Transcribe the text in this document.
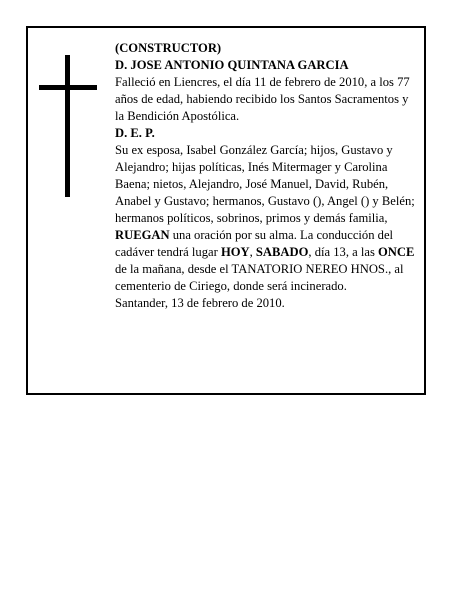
(CONSTRUCTOR)

D. JOSE ANTONIO QUINTANA GARCIA

Falleció en Liencres, el día 11 de febrero de 2010, a los 77 años de edad, habiendo recibido los Santos Sacramentos y la Bendición Apostólica.

D. E. P.

Su ex esposa, Isabel González García; hijos, Gustavo y Alejandro; hijas políticas, Inés Mitermager y Carolina Baena; nietos, Alejandro, José Manuel, David, Rubén, Anabel y Gustavo; hermanos, Gustavo (), Angel () y Belén; hermanos políticos, sobrinos, primos y demás familia,

RUEGAN una oración por su alma. La conducción del cadáver tendrá lugar HOY, SABADO, día 13, a las ONCE de la mañana, desde el TANATORIO NEREO HNOS., al cementerio de Ciriego, donde será incinerado.

Santander, 13 de febrero de 2010.
